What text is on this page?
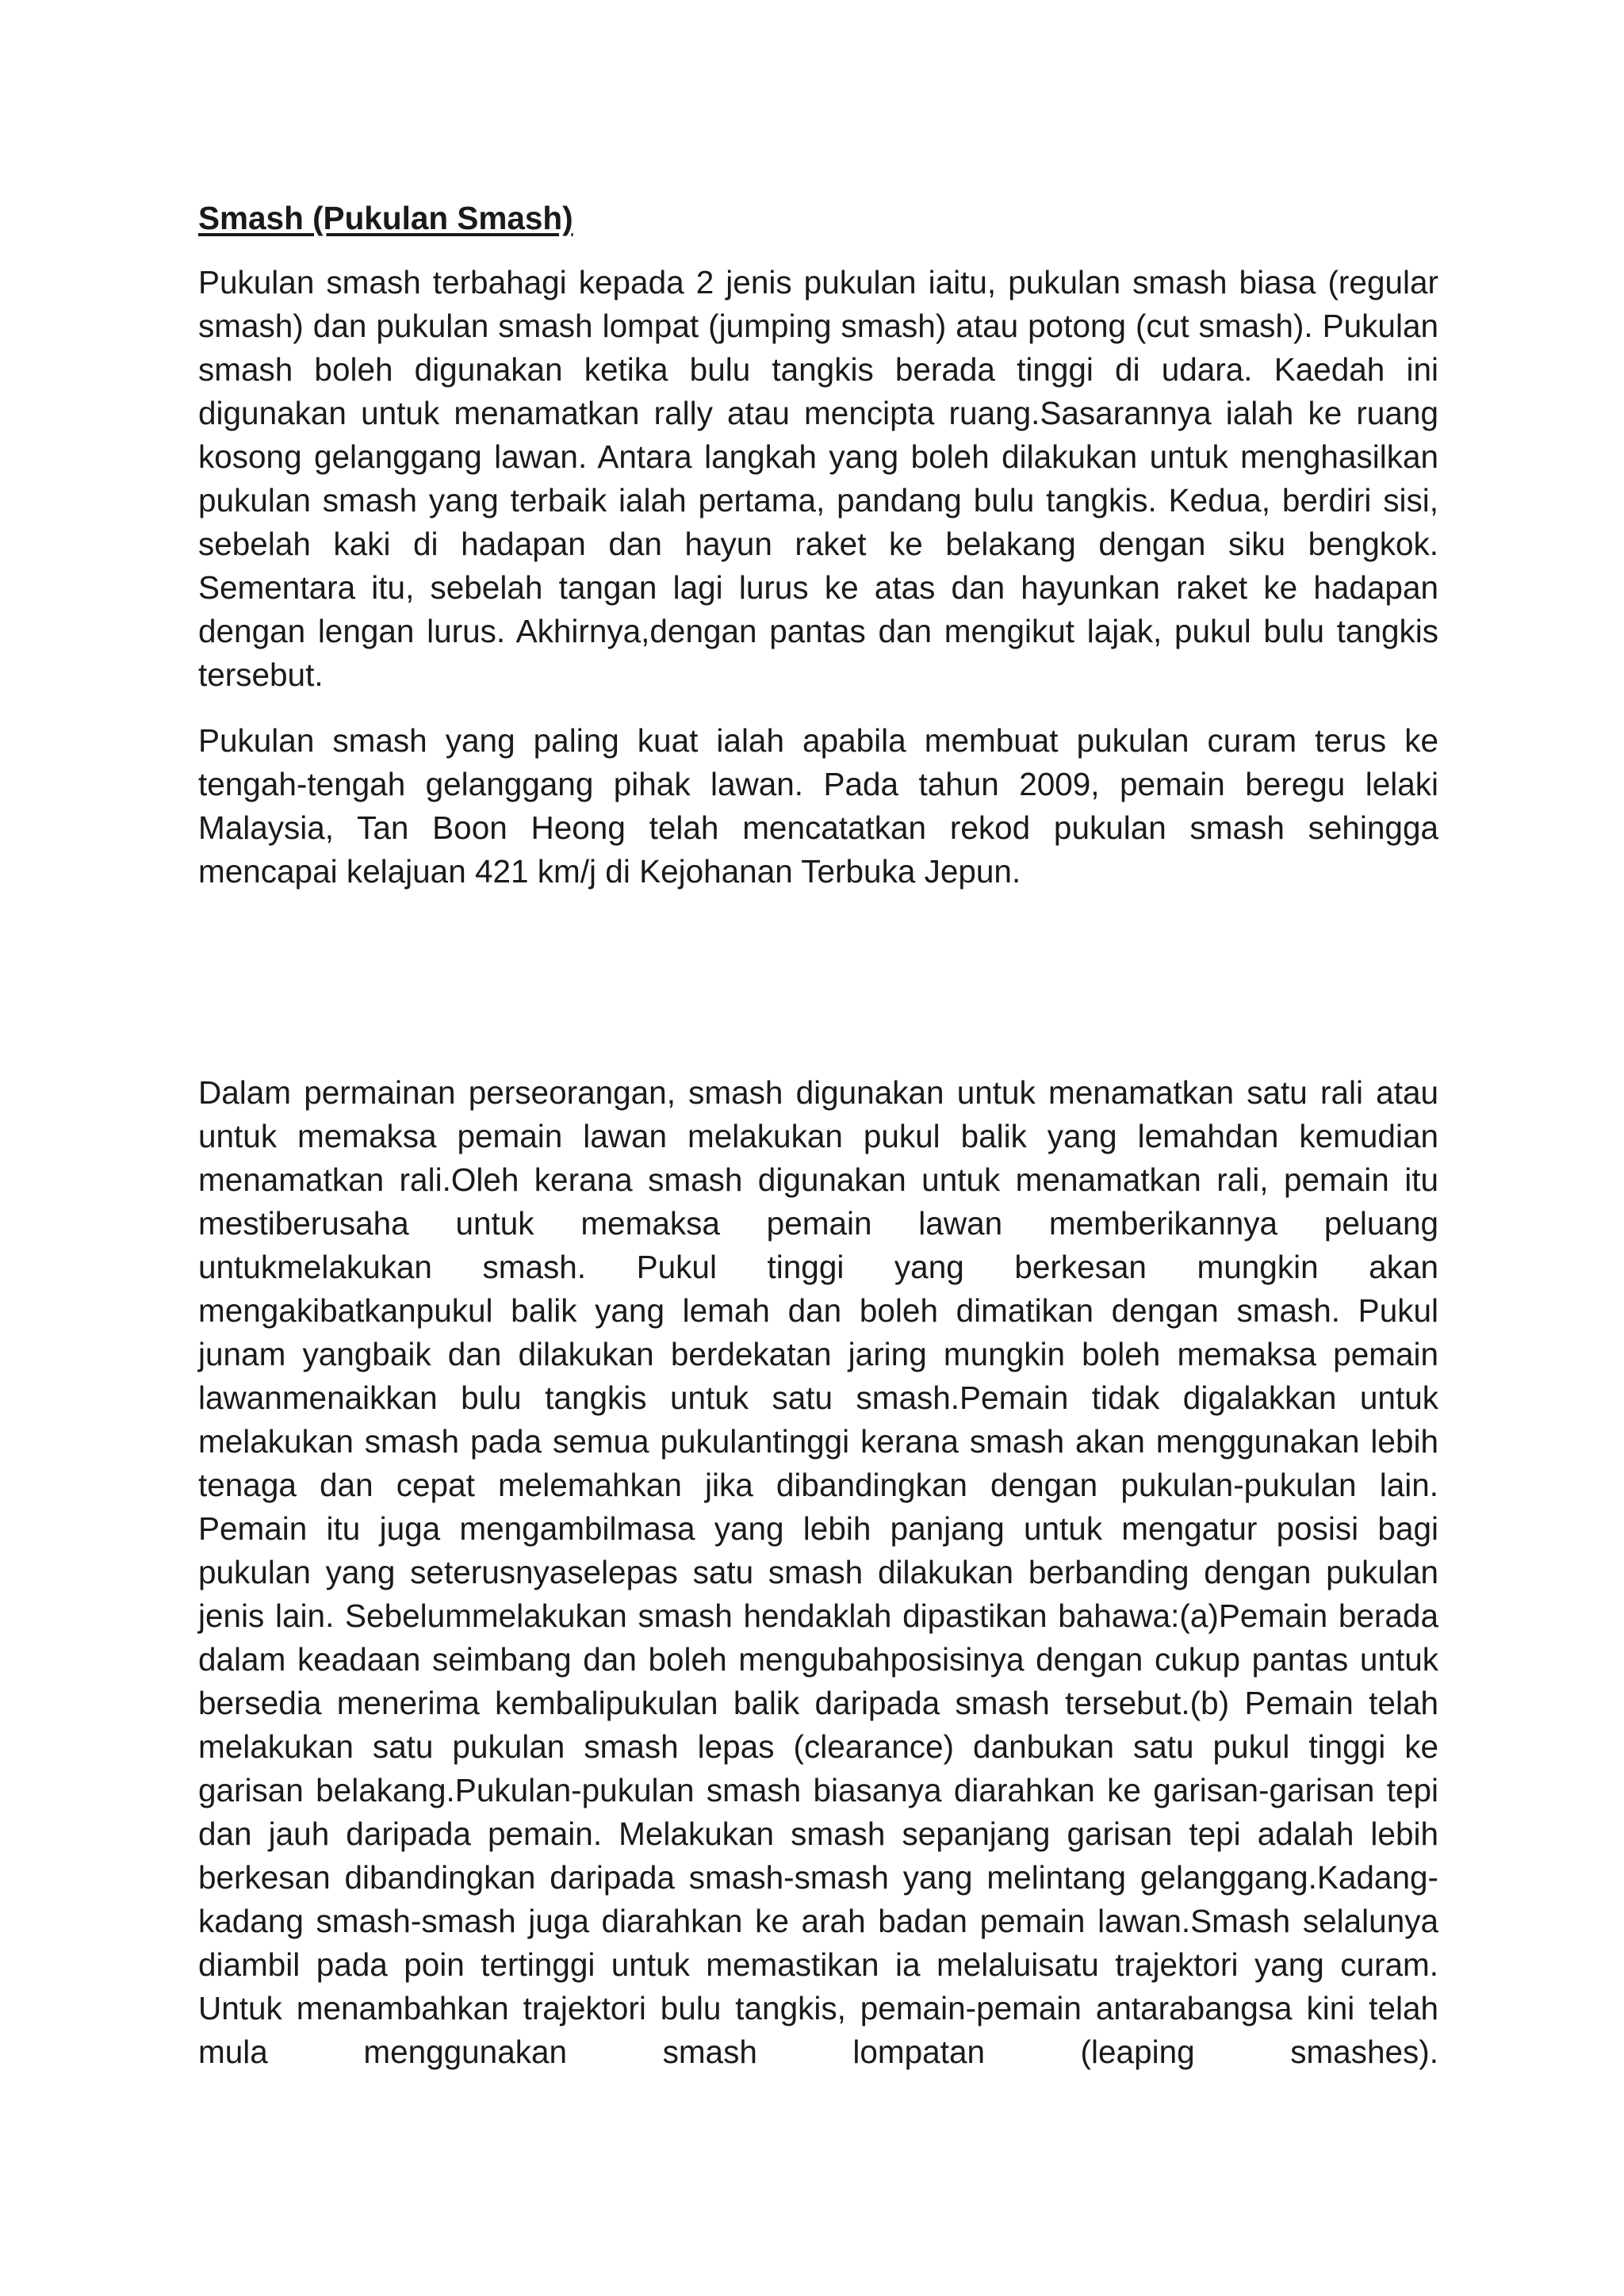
Smash (Pukulan Smash)

Pukulan smash terbahagi kepada 2 jenis pukulan iaitu, pukulan smash biasa (regular smash) dan pukulan smash lompat (jumping smash) atau potong (cut smash). Pukulan smash boleh digunakan ketika bulu tangkis berada tinggi di udara. Kaedah ini digunakan untuk menamatkan rally atau mencipta ruang.Sasarannya ialah ke ruang kosong gelanggang lawan. Antara langkah yang boleh dilakukan untuk menghasilkan pukulan smash yang terbaik ialah pertama, pandang bulu tangkis. Kedua, berdiri sisi, sebelah kaki di hadapan dan hayun raket ke belakang dengan siku bengkok. Sementara itu, sebelah tangan lagi lurus ke atas dan hayunkan raket ke hadapan dengan lengan lurus. Akhirnya,dengan pantas dan mengikut lajak, pukul bulu tangkis tersebut.

Pukulan smash yang paling kuat ialah apabila membuat pukulan curam terus ke tengah-tengah gelanggang pihak lawan. Pada tahun 2009, pemain beregu lelaki Malaysia, Tan Boon Heong telah mencatatkan rekod pukulan smash sehingga mencapai kelajuan 421 km/j di Kejohanan Terbuka Jepun.

Dalam permainan perseorangan, smash digunakan untuk menamatkan satu rali atau untuk memaksa pemain lawan melakukan pukul balik yang lemahdan kemudian menamatkan rali.Oleh kerana smash digunakan untuk menamatkan rali, pemain itu mestiberusaha untuk memaksa pemain lawan memberikannya peluang untukmelakukan smash. Pukul tinggi yang berkesan mungkin akan mengakibatkanpukul balik yang lemah dan boleh dimatikan dengan smash. Pukul junam yangbaik dan dilakukan berdekatan jaring mungkin boleh memaksa pemain lawanmenaikkan bulu tangkis untuk satu smash.Pemain tidak digalakkan untuk melakukan smash pada semua pukulantinggi kerana smash akan menggunakan lebih tenaga dan cepat melemahkan jika dibandingkan dengan pukulan-pukulan lain. Pemain itu juga mengambilmasa yang lebih panjang untuk mengatur posisi bagi pukulan yang seterusnyaselepas satu smash dilakukan berbanding dengan pukulan jenis lain. Sebelummelakukan smash hendaklah dipastikan bahawa:(a)Pemain berada dalam keadaan seimbang dan boleh mengubahposisinya dengan cukup pantas untuk bersedia menerima kembalipukulan balik daripada smash tersebut.(b) Pemain telah melakukan satu pukulan smash lepas (clearance) danbukan satu pukul tinggi ke garisan belakang.Pukulan-pukulan smash biasanya diarahkan ke garisan-garisan tepi dan jauh daripada pemain. Melakukan smash sepanjang garisan tepi adalah lebih berkesan dibandingkan daripada smash-smash yang melintang gelanggang.Kadang-kadang smash-smash juga diarahkan ke arah badan pemain lawan.Smash selalunya diambil pada poin tertinggi untuk memastikan ia melaluisatu trajektori yang curam. Untuk menambahkan trajektori bulu tangkis, pemain-pemain antarabangsa kini telah mula menggunakan smash lompatan (leaping smashes).
